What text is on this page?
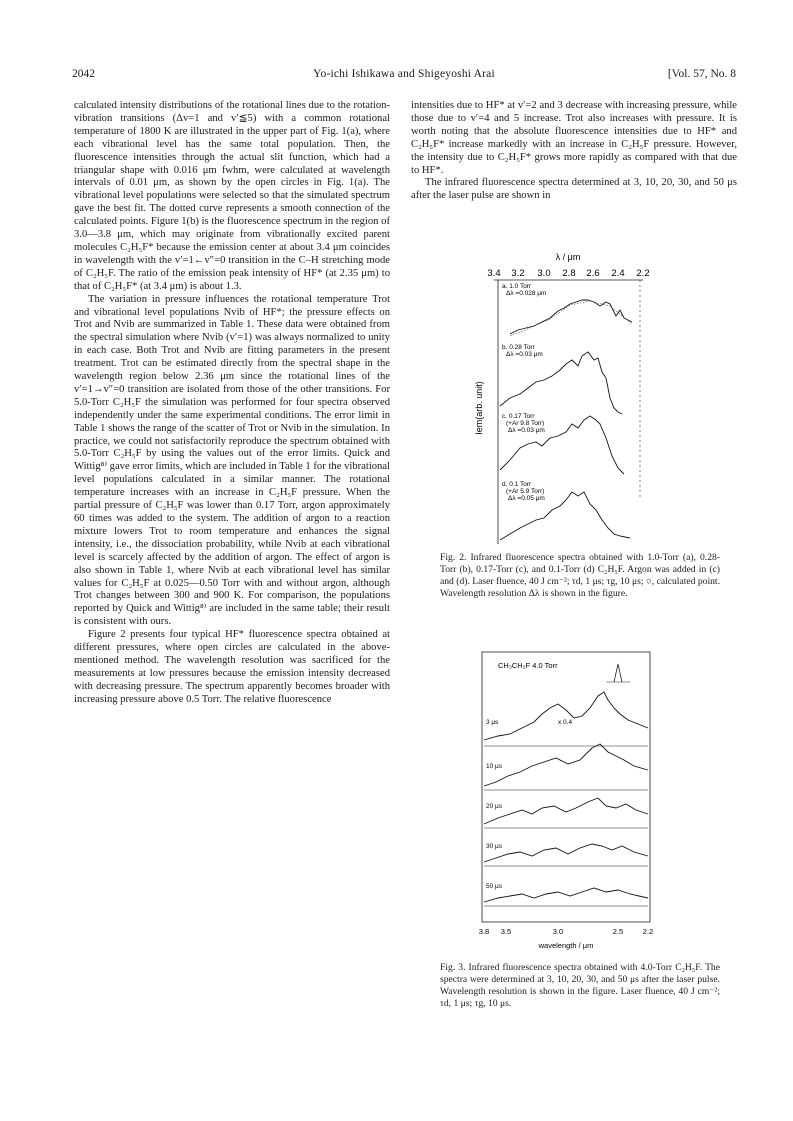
2042	Yo-ichi Ishikawa and Shigeyoshi Arai	[Vol. 57, No. 8

calculated intensity distributions of the rotational lines due to the rotation-vibration transitions (Δv=1 and v′≦5) with a common rotational temperature of 1800 K are illustrated in the upper part of Fig. 1(a), where each vibrational level has the same total population. Then, the fluorescence intensities through the actual slit function, which had a triangular shape with 0.016 μm fwhm, were calculated at wavelength intervals of 0.01 μm, as shown by the open circles in Fig. 1(a). The vibrational level populations were selected so that the simulated spectrum gave the best fit. The dotted curve represents a smooth connection of the calculated points. Figure 1(b) is the fluorescence spectrum in the region of 3.0—3.8 μm, which may originate from vibrationally excited parent molecules C₂H₅F* because the emission center at about 3.4 μm coincides in wavelength with the v′=1←v″=0 transition in the C–H stretching mode of C₂H₅F. The ratio of the emission peak intensity of HF* (at 2.35 μm) to that of C₂H₅F* (at 3.4 μm) is about 1.3.

The variation in pressure influences the rotational temperature Trot and vibrational level populations Nvib of HF*; the pressure effects on Trot and Nvib are summarized in Table 1. These data were obtained from the spectral simulation where Nvib (v′=1) was always normalized to unity in each case. Both Trot and Nvib are fitting parameters in the present treatment. Trot can be estimated directly from the spectral shape in the wavelength region below 2.36 μm since the rotational lines of the v′=1→v″=0 transition are isolated from those of the other transitions. For 5.0-Torr C₂H₅F the simulation was performed for four spectra observed independently under the same experimental conditions. The error limit in Table 1 shows the range of the scatter of Trot or Nvib in the simulation. In practice, we could not satisfactorily reproduce the spectrum obtained with 5.0-Torr C₂H₅F by using the values out of the error limits. Quick and Wittig⁸⁾ gave error limits, which are included in Table 1 for the vibrational level populations calculated in a similar manner. The rotational temperature increases with an increase in C₂H₅F pressure. When the partial pressure of C₂H₅F was lower than 0.17 Torr, argon approximately 60 times was added to the system. The addition of argon to a reaction mixture lowers Trot to room temperature and enhances the signal intensity, i.e., the dissociation probability, while Nvib at each vibrational level is scarcely affected by the addition of argon. The effect of argon is also shown in Table 1, where Nvib at each vibrational level has similar values for C₂H₅F at 0.025—0.50 Torr with and without argon, although Trot changes between 300 and 900 K. For comparison, the populations reported by Quick and Wittig⁸⁾ are included in the same table; their result is consistent with ours.

Figure 2 presents four typical HF* fluorescence spectra obtained at different pressures, where open circles are calculated in the above-mentioned method. The wavelength resolution was sacrificed for the measurements at low pressures because the emission intensity decreased with decreasing pressure. The spectrum apparently becomes broader with increasing pressure above 0.5 Torr. The relative fluorescence

intensities due to HF* at v′=2 and 3 decrease with increasing pressure, while those due to v′=4 and 5 increase. Trot also increases with pressure. It is worth noting that the absolute fluorescence intensities due to HF* and C₂H₅F* increase markedly with an increase in C₂H₅F pressure. However, the intensity due to C₂H₅F* grows more rapidly as compared with that due to HF*.

The infrared fluorescence spectra determined at 3, 10, 20, 30, and 50 μs after the laser pulse are shown in

λ / μm
3.4 3.2 3.0 2.8 2.6 2.4 2.2
Iem(arb. unit)
a. 1.0 Torr
Δλ =0.028 μm
b. 0.28 Torr
Δλ =0.03 μm
c. 0.17 Torr
(+Ar 9.8 Torr)
Δλ =0.03 μm
d. 0.1 Torr
(+Ar 5.9 Torr)
Δλ =0.05 μm
Fig. 2. Infrared fluorescence spectra obtained with 1.0-Torr (a), 0.28-Torr (b), 0.17-Torr (c), and 0.1-Torr (d) C₂H₅F. Argon was added in (c) and (d). Laser fluence, 40 J cm⁻²; τd, 1 μs; τg, 10 μs; ○, calculated point. Wavelength resolution Δλ is shown in the figure.
CH₃CH₂F 4.0 Torr
3 μs	x 0.4
10 μs
20 μs
30 μs
50 μs
3.8 3.5	3.0	2.5	2.2
wavelength / μm
Fig. 3. Infrared fluorescence spectra obtained with 4.0-Torr C₂H₅F. The spectra were determined at 3, 10, 20, 30, and 50 μs after the laser pulse. Wavelength resolution is shown in the figure. Laser fluence, 40 J cm⁻²; τd, 1 μs; τg, 10 μs.
